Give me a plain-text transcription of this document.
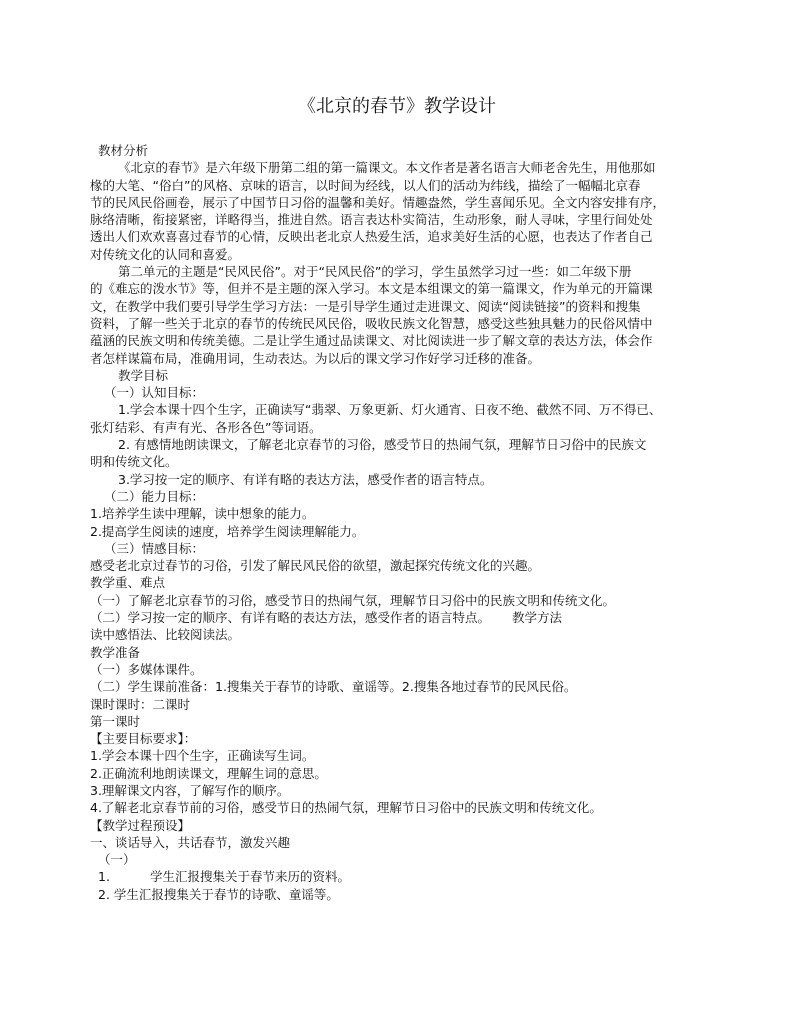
《北京的春节》教学设计
教材分析
《北京的春节》是六年级下册第二组的第一篇课文。本文作者是著名语言大师老舍先生，用他那如
椽的大笔、“俗白”的风格、京味的语言，以时间为经线，以人们的活动为纬线，描绘了一幅幅北京春
节的民风民俗画卷，展示了中国节日习俗的温馨和美好。情趣盎然，学生喜闻乐见。全文内容安排有序，
脉络清晰，衔接紧密，详略得当，推进自然。语言表达朴实简洁，生动形象，耐人寻味，字里行间处处
透出人们欢欢喜喜过春节的心情，反映出老北京人热爱生活，追求美好生活的心愿，也表达了作者自己
对传统文化的认同和喜爱。
第二单元的主题是“民风民俗”。对于“民风民俗”的学习，学生虽然学习过一些：如二年级下册
的《难忘的泼水节》等，但并不是主题的深入学习。本文是本组课文的第一篇课文，作为单元的开篇课
文，在教学中我们要引导学生学习方法：一是引导学生通过走进课文、阅读“阅读链接”的资料和搜集
资料，了解一些关于北京的春节的传统民风民俗，吸收民族文化智慧，感受这些独具魅力的民俗风情中
蕴涵的民族文明和传统美德。二是让学生通过品读课文、对比阅读进一步了解文章的表达方法，体会作
者怎样谋篇布局，准确用词，生动表达。为以后的课文学习作好学习迁移的准备。
教学目标
（一）认知目标：
1.学会本课十四个生字，正确读写“翡翠、万象更新、灯火通宵、日夜不绝、截然不同、万不得已、
张灯结彩、有声有光、各形各色”等词语。
2. 有感情地朗读课文，了解老北京春节的习俗，感受节日的热闹气氛，理解节日习俗中的民族文
明和传统文化。
3.学习按一定的顺序、有详有略的表达方法，感受作者的语言特点。
（二）能力目标：
1.培养学生读中理解，读中想象的能力。
2.提高学生阅读的速度，培养学生阅读理解能力。
（三）情感目标：
感受老北京过春节的习俗，引发了解民风民俗的欲望，激起探究传统文化的兴趣。
教学重、难点
（一）了解老北京春节的习俗，感受节日的热闹气氛，理解节日习俗中的民族文明和传统文化。
（二）学习按一定的顺序、有详有略的表达方法，感受作者的语言特点。 教学方法
读中感悟法、比较阅读法。
教学准备
（一）多媒体课件。
（二）学生课前准备：1.搜集关于春节的诗歌、童谣等。2.搜集各地过春节的民风民俗。
课时课时：二课时
第一课时
【主要目标要求】：
1.学会本课十四个生字，正确读写生词。
2.正确流利地朗读课文，理解生词的意思。
3.理解课文内容，了解写作的顺序。
4.了解老北京春节前的习俗，感受节日的热闹气氛，理解节日习俗中的民族文明和传统文化。
【教学过程预设】
一、谈话导入，共话春节，激发兴趣
（一）
1.	学生汇报搜集关于春节来历的资料。
2. 学生汇报搜集关于春节的诗歌、童谣等。
